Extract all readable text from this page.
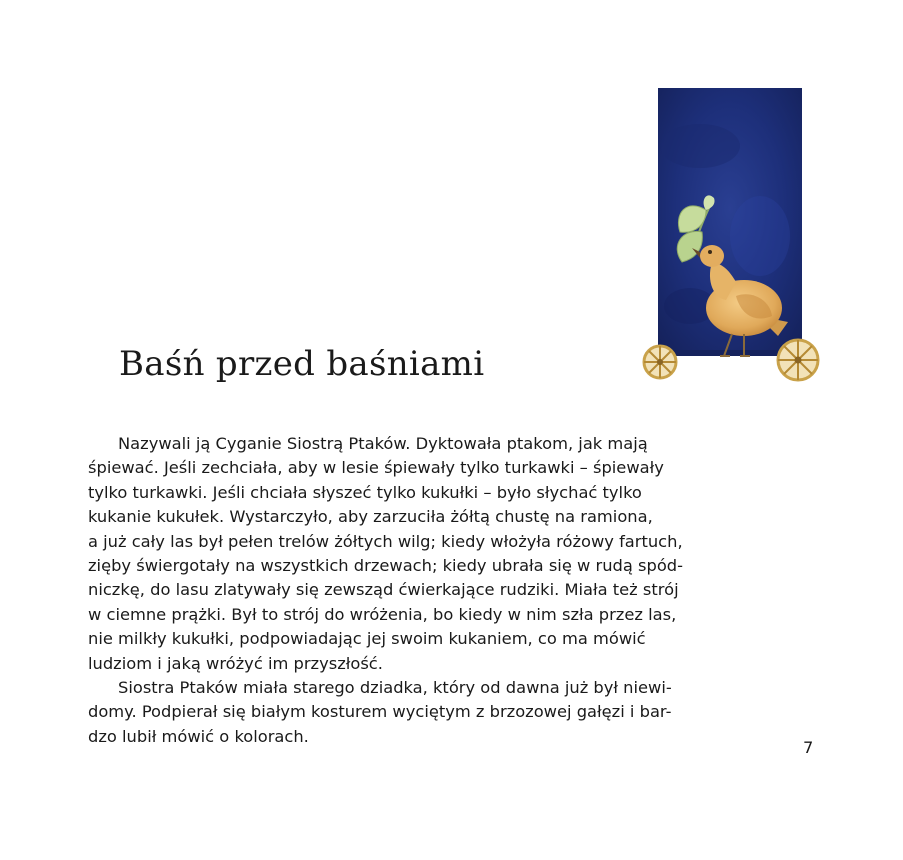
Baśń przed baśniami

Nazywali ją Cyganie Siostrą Ptaków. Dyktowała ptakom, jak mają
śpiewać. Jeśli zechciała, aby w lesie śpiewały tylko turkawki – śpiewały
tylko turkawki. Jeśli chciała słyszeć tylko kukułki – było słychać tylko
kukanie kukułek. Wystarczyło, aby zarzuciła żółtą chustę na ramiona,
a już cały las był pełen trelów żółtych wilg; kiedy włożyła różowy fartuch,
zięby świergotały na wszystkich drzewach; kiedy ubrała się w rudą spód-
niczkę, do lasu zlatywały się zewsząd ćwierkające rudziki. Miała też strój
w ciemne prążki. Był to strój do wróżenia, bo kiedy w nim szła przez las,
nie milkły kukułki, podpowiadając jej swoim kukaniem, co ma mówić
ludziom i jaką wróżyć im przyszłość.

Siostra Ptaków miała starego dziadka, który od dawna już był niewi-
domy. Podpierał się białym kosturem wyciętym z brzozowej gałęzi i bar-
dzo lubił mówić o kolorach.

7
